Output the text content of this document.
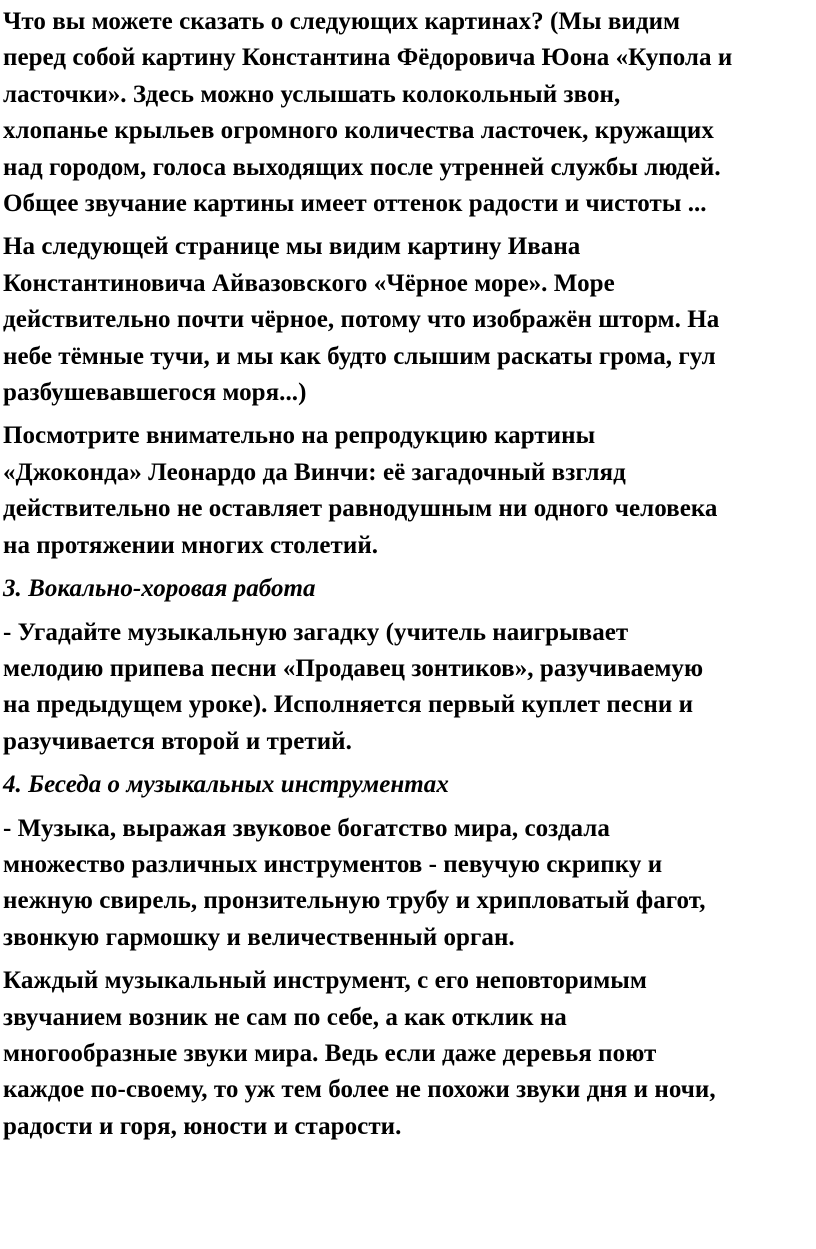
Что вы можете сказать о следующих картинах? (Мы видим
перед собой картину Константина Фёдоровича Юона «Купола и
ласточки». Здесь можно услышать колокольный звон,
хлопанье крыльев огромного количества ласточек, кружащих
над городом, голоса выходящих после утренней службы людей.
Общее звучание картины имеет оттенок радости и чистоты ...

На следующей странице мы видим картину Ивана
Константиновича Айвазовского «Чёрное море». Море
действительно почти чёрное, потому что изображён шторм. На
небе тёмные тучи, и мы как будто слышим раскаты грома, гул
разбушевавшегося моря...)

Посмотрите внимательно на репродукцию картины
«Джоконда» Леонардо да Винчи: её загадочный взгляд
действительно не оставляет равнодушным ни одного человека
на протяжении многих столетий.

3. Вокально-хоровая работа

- Угадайте музыкальную загадку (учитель наигрывает
мелодию припева песни «Продавец зонтиков», разучиваемую
на предыдущем уроке). Исполняется первый куплет песни и
разучивается второй и третий.

4. Беседа о музыкальных инструментах

- Музыка, выражая звуковое богатство мира, создала
множество различных инструментов - певучую скрипку и
нежную свирель, пронзительную трубу и хрипловатый фагот,
звонкую гармошку и величественный орган.

Каждый музыкальный инструмент, с его неповторимым
звучанием возник не сам по себе, а как отклик на
многообразные звуки мира. Ведь если даже деревья поют
каждое по-своему, то уж тем более не похожи звуки дня и ночи,
радости и горя, юности и старости.
